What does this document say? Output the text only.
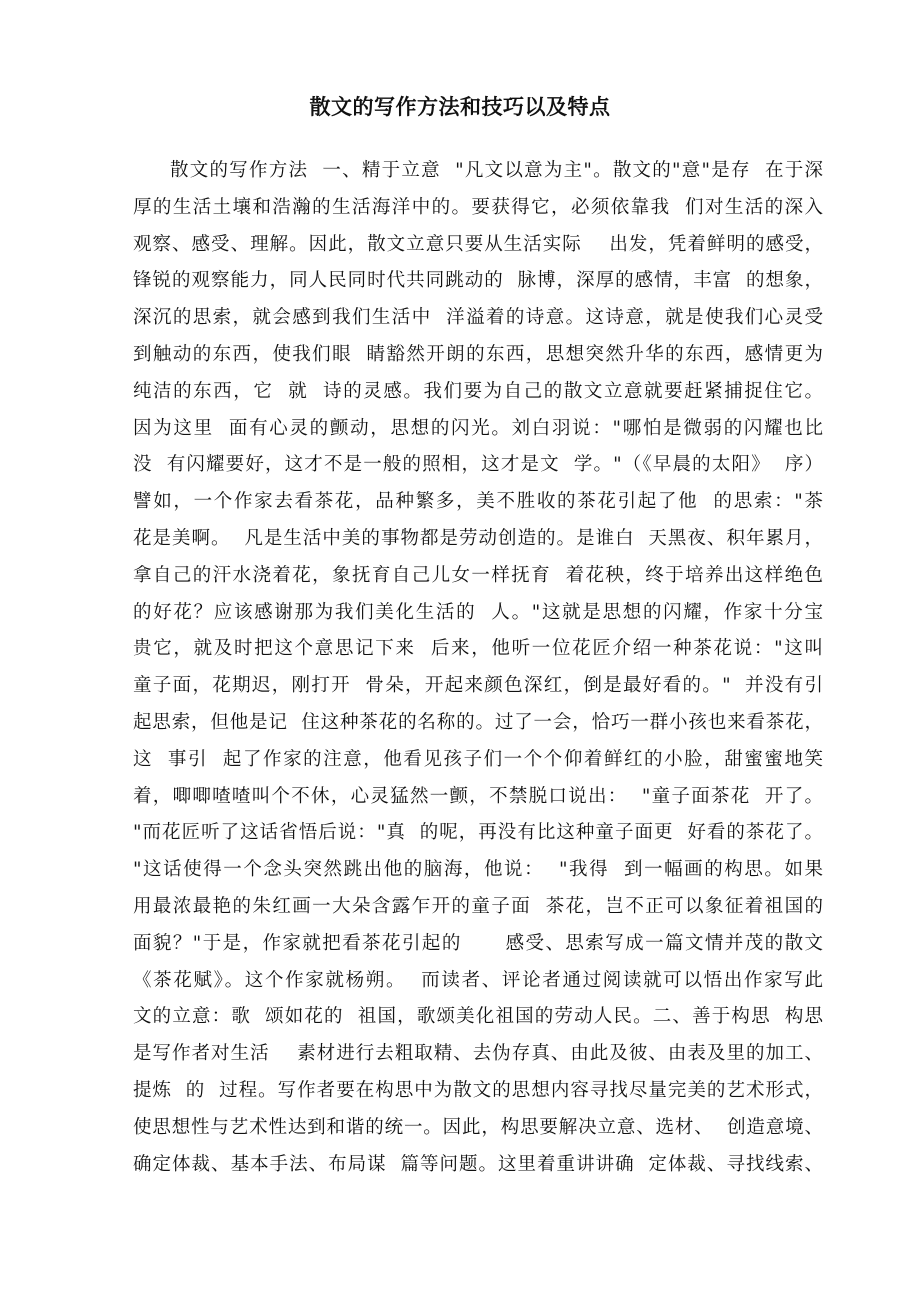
散文的写作方法和技巧以及特点
散文的写作方法  一、精于立意  "凡文以意为主"。散文的"意"是存  在于深
厚的生活土壤和浩瀚的生活海洋中的。要获得它，必须依靠我  们对生活的深入
观察、感受、理解。因此，散文立意只要从生活实际    出发，凭着鲜明的感受，
锋锐的观察能力，同人民同时代共同跳动的  脉博，深厚的感情，丰富  的想象，
深沉的思索，就会感到我们生活中  洋溢着的诗意。这诗意，就是使我们心灵受
到触动的东西，使我们眼  睛豁然开朗的东西，思想突然升华的东西，感情更为
纯洁的东西，它  就  诗的灵感。我们要为自己的散文立意就要赶紧捕捉住它。
因为这里  面有心灵的颤动，思想的闪光。刘白羽说："哪怕是微弱的闪耀也比
没  有闪耀要好，这才不是一般的照相，这才是文  学。"（《早晨的太阳》  序）
譬如，一个作家去看茶花，品种繁多，美不胜收的茶花引起了他  的思索："茶
花是美啊。  凡是生活中美的事物都是劳动创造的。是谁白  天黑夜、积年累月，
拿自己的汗水浇着花，象抚育自己儿女一样抚育  着花秧，终于培养出这样绝色
的好花？应该感谢那为我们美化生活的  人。"这就是思想的闪耀，作家十分宝
贵它，就及时把这个意思记下来  后来，他听一位花匠介绍一种茶花说："这叫
童子面，花期迟，刚打开  骨朵，开起来颜色深红，倒是最好看的。"  并没有引
起思索，但他是记  住这种茶花的名称的。过了一会，恰巧一群小孩也来看茶花，
这  事引  起了作家的注意，他看见孩子们一个个仰着鲜红的小脸，甜蜜蜜地笑
着，唧唧喳喳叫个不休，心灵猛然一颤，不禁脱口说出：  "童子面茶花  开了。
"而花匠听了这话省悟后说："真  的呢，再没有比这种童子面更  好看的茶花了。
"这话使得一个念头突然跳出他的脑海，他说：  "我得  到一幅画的构思。如果
用最浓最艳的朱红画一大朵含露乍开的童子面  茶花，岂不正可以象征着祖国的
面貌？"于是，作家就把看茶花引起的      感受、思索写成一篇文情并茂的散文
《茶花赋》。这个作家就杨朔。  而读者、评论者通过阅读就可以悟出作家写此
文的立意：歌  颂如花的  祖国，歌颂美化祖国的劳动人民。二、善于构思  构思
是写作者对生活    素材进行去粗取精、去伪存真、由此及彼、由表及里的加工、
提炼  的  过程。写作者要在构思中为散文的思想内容寻找尽量完美的艺术形式，
使思想性与艺术性达到和谐的统一。因此，构思要解决立意、选材、  创造意境、
确定体裁、基本手法、布局谋  篇等问题。这里着重讲讲确  定体裁、寻找线索、
